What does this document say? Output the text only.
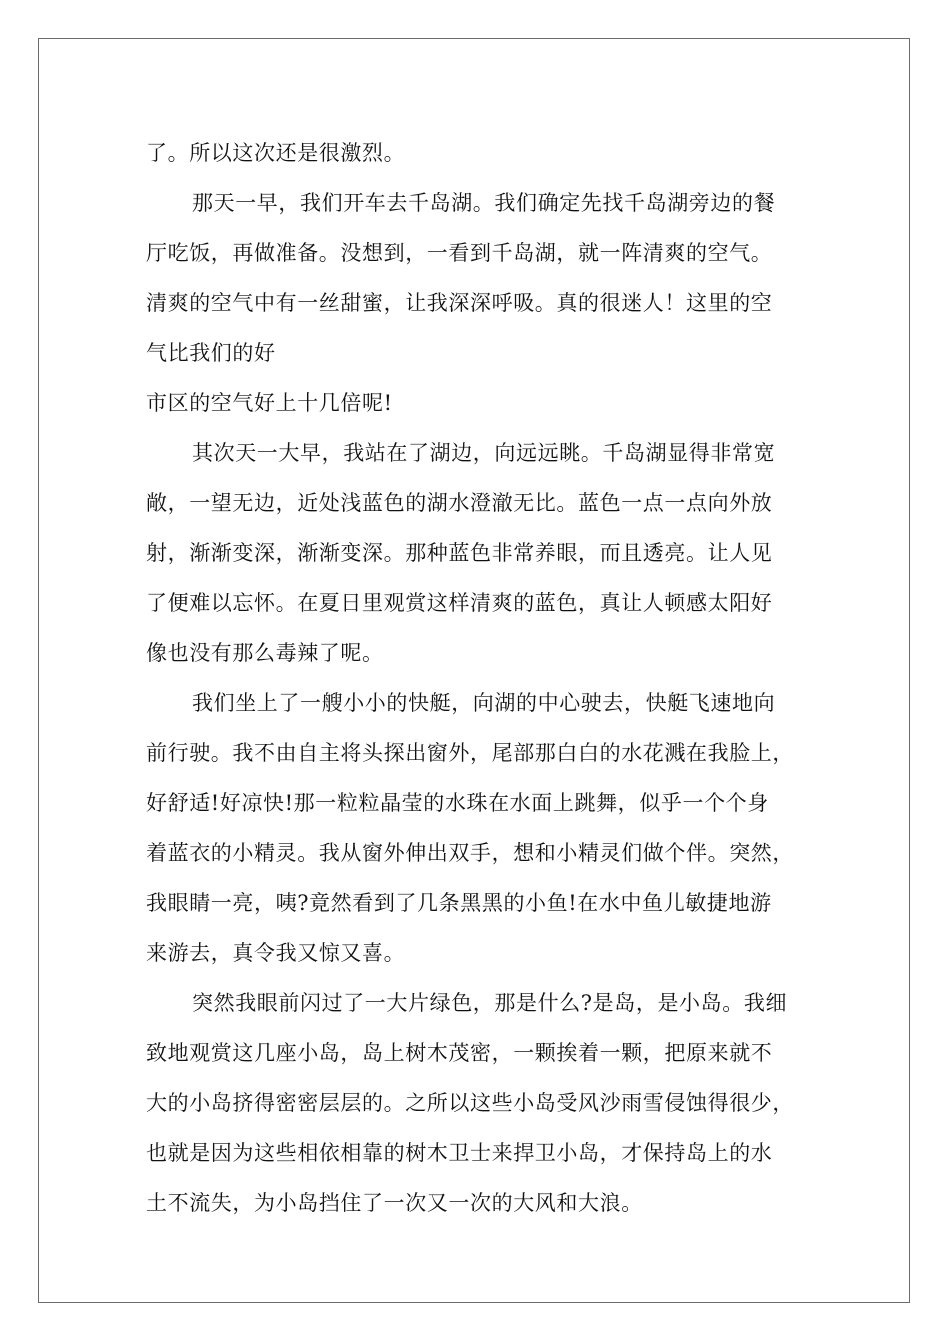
了。所以这次还是很激烈。
那天一早，我们开车去千岛湖。我们确定先找千岛湖旁边的餐
厅吃饭，再做准备。没想到，一看到千岛湖，就一阵清爽的空气。
清爽的空气中有一丝甜蜜，让我深深呼吸。真的很迷人！这里的空
气比我们的好
市区的空气好上十几倍呢!
其次天一大早，我站在了湖边，向远远眺。千岛湖显得非常宽
敞，一望无边，近处浅蓝色的湖水澄澈无比。蓝色一点一点向外放
射，渐渐变深，渐渐变深。那种蓝色非常养眼，而且透亮。让人见
了便难以忘怀。在夏日里观赏这样清爽的蓝色，真让人顿感太阳好
像也没有那么毒辣了呢。
我们坐上了一艘小小的快艇，向湖的中心驶去，快艇飞速地向
前行驶。我不由自主将头探出窗外，尾部那白白的水花溅在我脸上，
好舒适!好凉快!那一粒粒晶莹的水珠在水面上跳舞，似乎一个个身
着蓝衣的小精灵。我从窗外伸出双手，想和小精灵们做个伴。突然，
我眼睛一亮，咦?竟然看到了几条黑黑的小鱼!在水中鱼儿敏捷地游
来游去，真令我又惊又喜。
突然我眼前闪过了一大片绿色，那是什么?是岛，是小岛。我细
致地观赏这几座小岛，岛上树木茂密，一颗挨着一颗，把原来就不
大的小岛挤得密密层层的。之所以这些小岛受风沙雨雪侵蚀得很少，
也就是因为这些相依相靠的树木卫士来捍卫小岛，才保持岛上的水
土不流失，为小岛挡住了一次又一次的大风和大浪。
